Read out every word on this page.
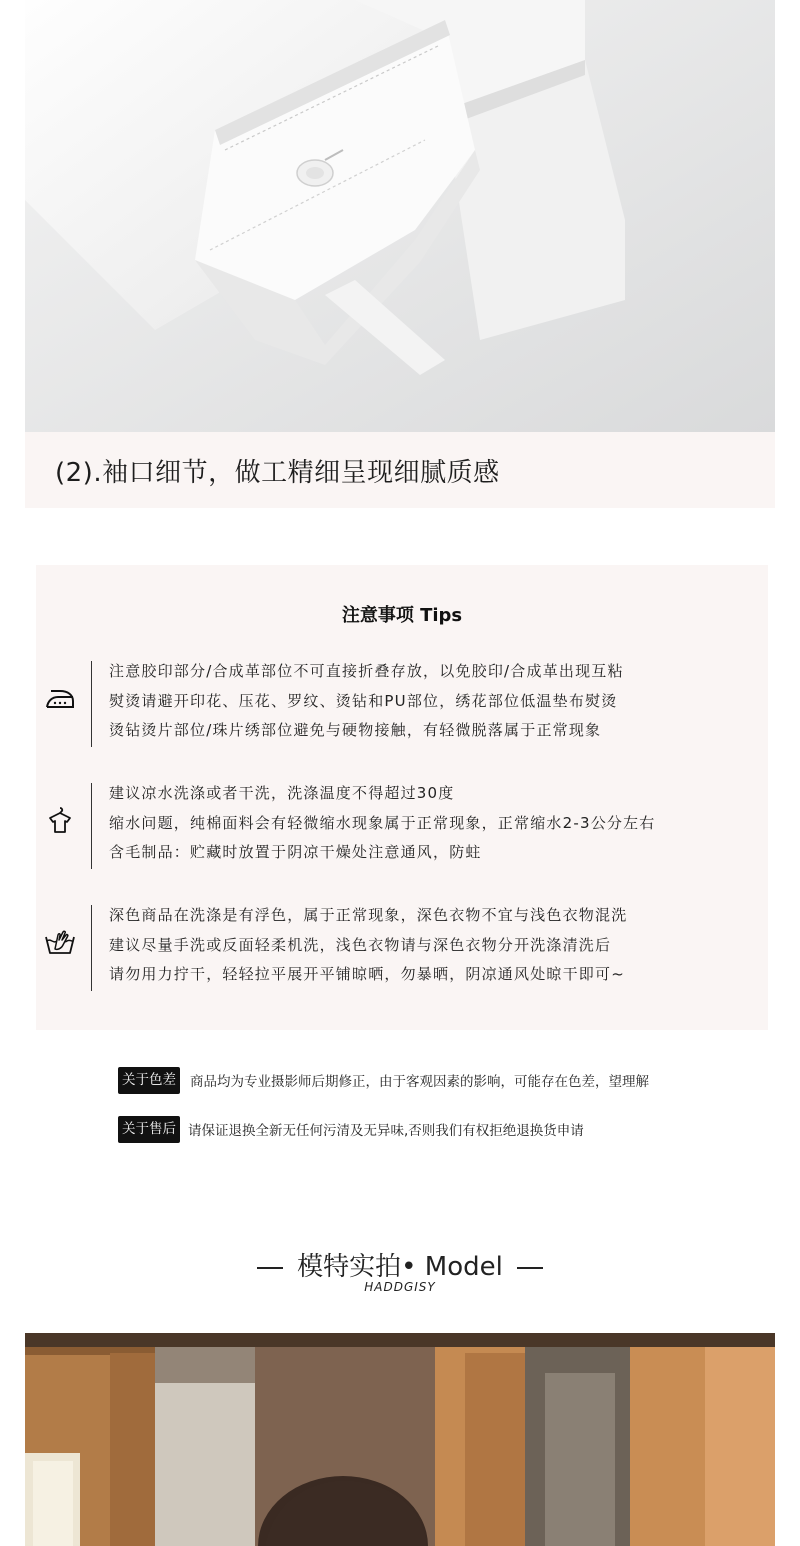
(2).袖口细节，做工精细呈现细腻质感
注意事项 Tips
注意胶印部分/合成革部位不可直接折叠存放，以免胶印/合成革出现互粘
熨烫请避开印花、压花、罗纹、烫钻和PU部位，绣花部位低温垫布熨烫
烫钻烫片部位/珠片绣部位避免与硬物接触，有轻微脱落属于正常现象
建议凉水洗涤或者干洗，洗涤温度不得超过30度
缩水问题，纯棉面料会有轻微缩水现象属于正常现象，正常缩水2-3公分左右
含毛制品：贮藏时放置于阴凉干燥处注意通风，防蛀
深色商品在洗涤是有浮色，属于正常现象，深色衣物不宜与浅色衣物混洗
建议尽量手洗或反面轻柔机洗，浅色衣物请与深色衣物分开洗涤清洗后
请勿用力拧干，轻轻拉平展开平铺晾晒，勿暴晒，阴凉通风处晾干即可~
关于色差 商品均为专业摄影师后期修正，由于客观因素的影响，可能存在色差，望理解
关于售后 请保证退换全新无任何污清及无异味,否则我们有权拒绝退换货申请
模特实拍• Model
HADDGISY
